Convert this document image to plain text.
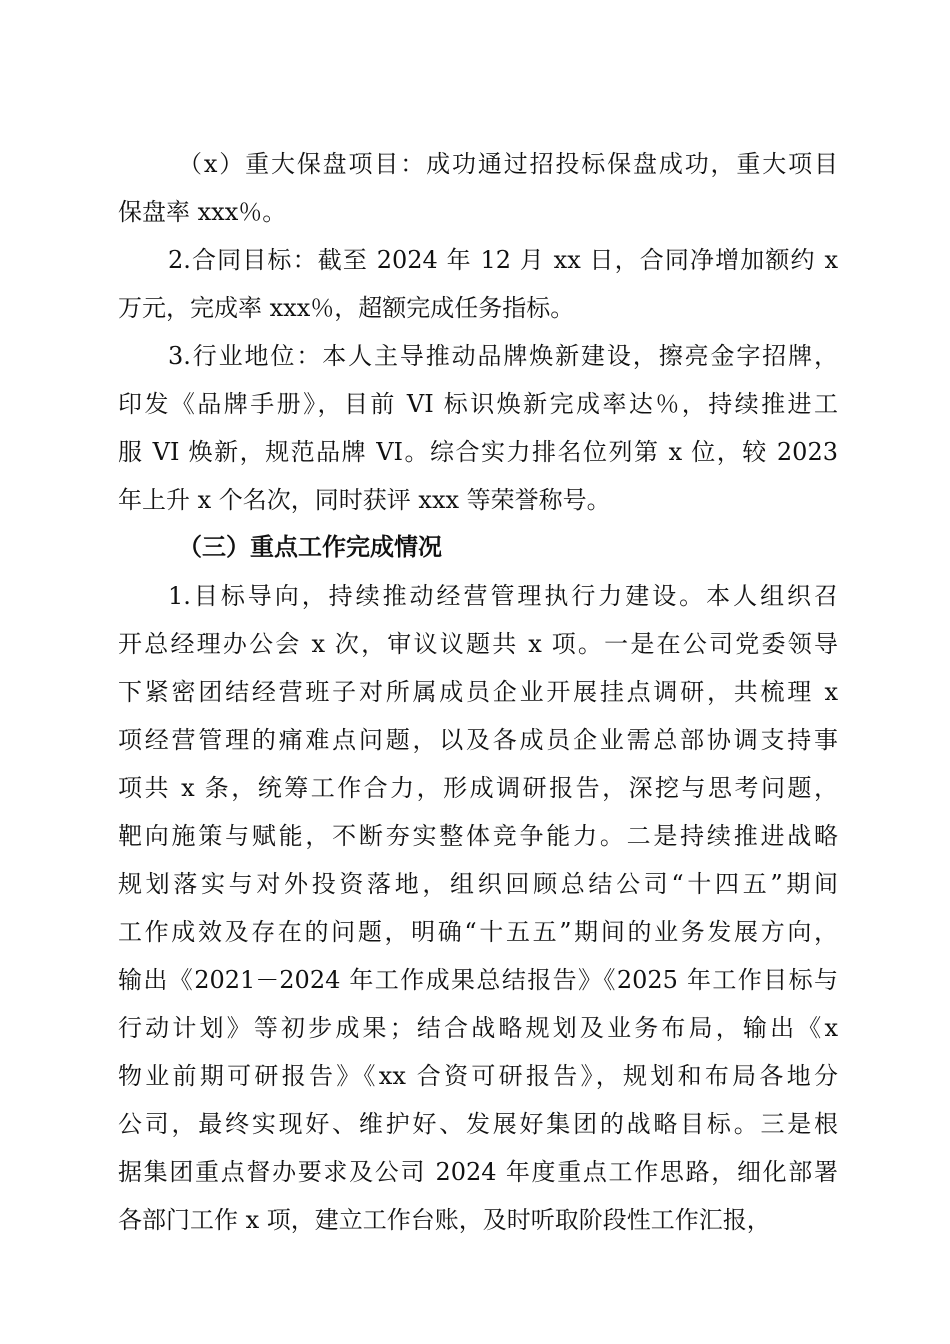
（x）重大保盘项目：成功通过招投标保盘成功，重大项目
保盘率 xxx％。
2.合同目标：截至 2024 年 12 月 xx 日，合同净增加额约 x
万元，完成率 xxx％，超额完成任务指标。
3.行业地位：本人主导推动品牌焕新建设，擦亮金字招牌，
印发《品牌手册》，目前 VI 标识焕新完成率达％，持续推进工
服 VI 焕新，规范品牌 VI。综合实力排名位列第 x 位，较 2023
年上升 x 个名次，同时获评 xxx 等荣誉称号。
（三）重点工作完成情况
1.目标导向，持续推动经营管理执行力建设。本人组织召
开总经理办公会 x 次，审议议题共 x 项。一是在公司党委领导
下紧密团结经营班子对所属成员企业开展挂点调研，共梳理 x
项经营管理的痛难点问题，以及各成员企业需总部协调支持事
项共 x 条，统筹工作合力，形成调研报告，深挖与思考问题，
靶向施策与赋能，不断夯实整体竞争能力。二是持续推进战略
规划落实与对外投资落地，组织回顾总结公司“十四五”期间
工作成效及存在的问题，明确“十五五”期间的业务发展方向，
输出《2021－2024 年工作成果总结报告》《2025 年工作目标与
行动计划》等初步成果；结合战略规划及业务布局，输出《x
物业前期可研报告》《xx 合资可研报告》，规划和布局各地分
公司，最终实现好、维护好、发展好集团的战略目标。三是根
据集团重点督办要求及公司 2024 年度重点工作思路，细化部署
各部门工作 x 项，建立工作台账，及时听取阶段性工作汇报，
